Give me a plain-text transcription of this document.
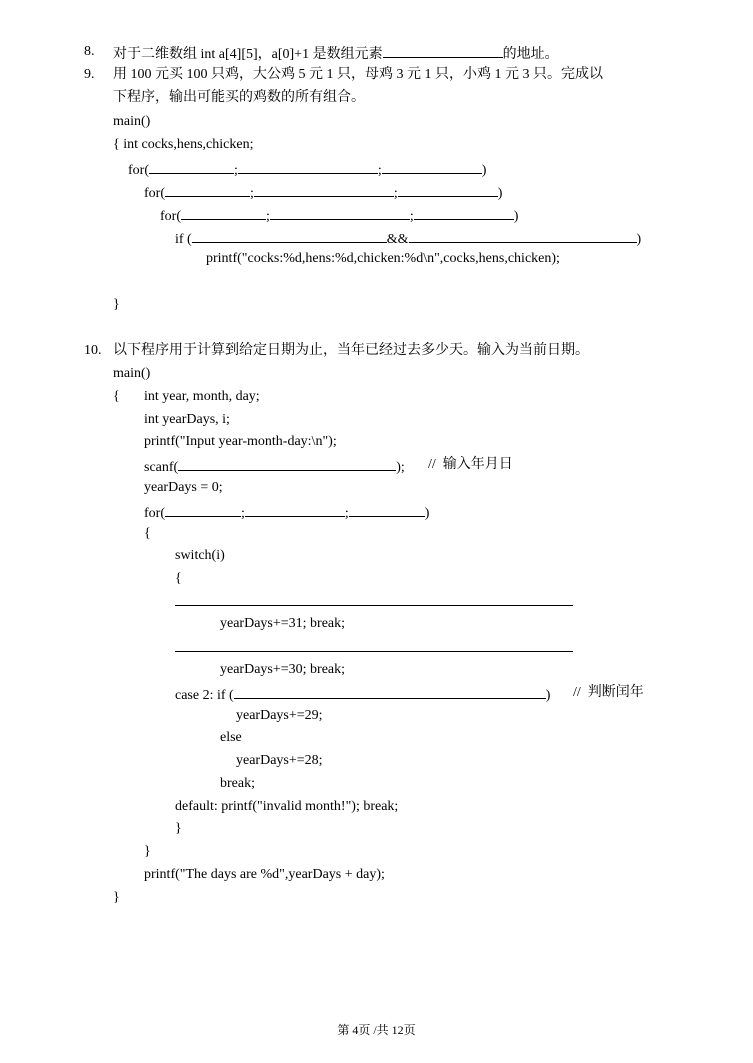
8. 对于二维数组 int a[4][5]，a[0]+1 是数组元素	的地址。
9. 用 100 元买 100 只鸡，大公鸡 5 元 1 只，母鸡 3 元 1 只，小鸡 1 元 3 只。完成以
下程序，输出可能买的鸡数的所有组合。
main()
{ int cocks,hens,chicken;
for(	;	;	)
for(	;	;	)
for(	;	;	)
if (	&&	)
printf("cocks:%d,hens:%d,chicken:%d\n",cocks,hens,chicken);
}
10. 以下程序用于计算到给定日期为止，当年已经过去多少天。输入为当前日期。
main()
{ int year, month, day;
int yearDays, i;
printf("Input year-month-day:\n");
scanf(	); //  输入年月日
yearDays = 0;
for(	;	;	)
{
switch(i)
{
yearDays+=31; break;
yearDays+=30; break;
case 2: if (	) //  判断闰年
yearDays+=29;
else
yearDays+=28;
break;
default: printf("invalid month!"); break;
}
}
printf("The days are %d",yearDays + day);
}
第 4页 /共 12页
